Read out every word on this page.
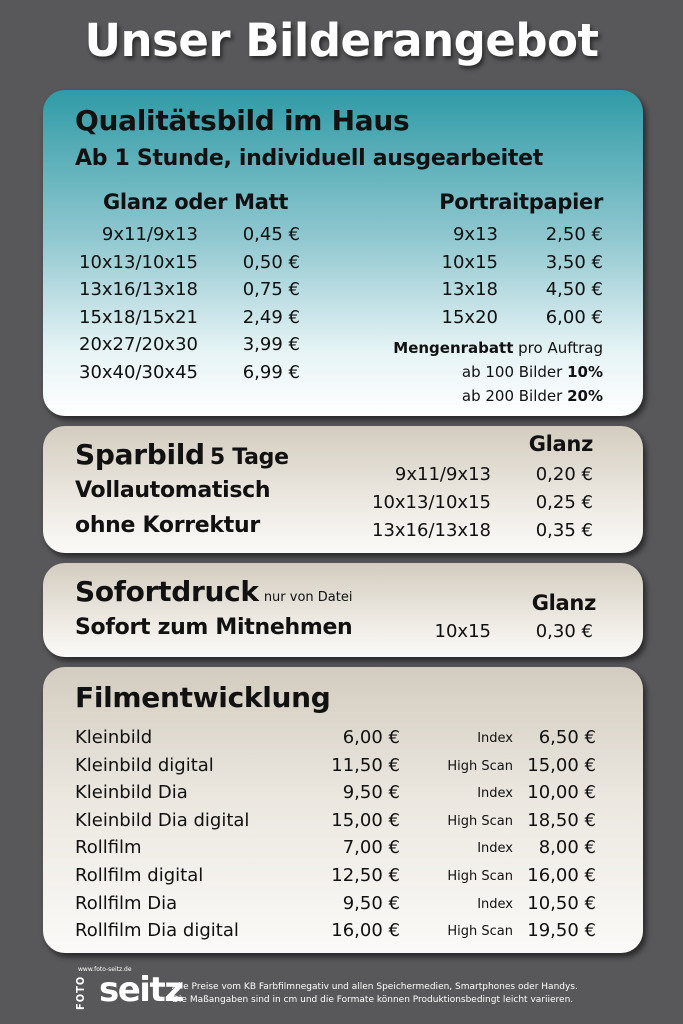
Unser Bilderangebot
Qualitätsbild im Haus
Ab 1 Stunde, individuell ausgearbeitet
Glanz oder Matt
9x11/9x13	0,45 €
10x13/10x15	0,50 €
13x16/13x18	0,75 €
15x18/15x21	2,49 €
20x27/20x30	3,99 €
30x40/30x45	6,99 €
Portraitpapier
9x13	2,50 €
10x15	3,50 €
13x18	4,50 €
15x20	6,00 €
Mengenrabatt pro Auftrag
ab 100 Bilder 10%
ab 200 Bilder 20%
Sparbild 5 Tage
Vollautomatisch
ohne Korrektur
Glanz
9x11/9x13	0,20 €
10x13/10x15	0,25 €
13x16/13x18	0,35 €
Sofortdruck nur von Datei
Sofort zum Mitnehmen
Glanz
10x15	0,30 €
Filmentwicklung
Kleinbild	6,00 €	Index	6,50 €
Kleinbild digital	11,50 €	High Scan 15,00 €
Kleinbild Dia	9,50 €	Index 10,00 €
Kleinbild Dia digital	15,00 €	High Scan 18,50 €
Rollfilm	7,00 €	Index	8,00 €
Rollfilm digital	12,50 €	High Scan 16,00 €
Rollfilm Dia	9,50 €	Index 10,50 €
Rollfilm Dia digital	16,00 €	High Scan 19,50 €
www.foto-seitz.de
FOTO seitz
Alle Preise vom KB Farbfilmnegativ und allen Speichermedien, Smartphones oder Handys.
Die Maßangaben sind in cm und die Formate können Produktionsbedingt leicht variieren.
